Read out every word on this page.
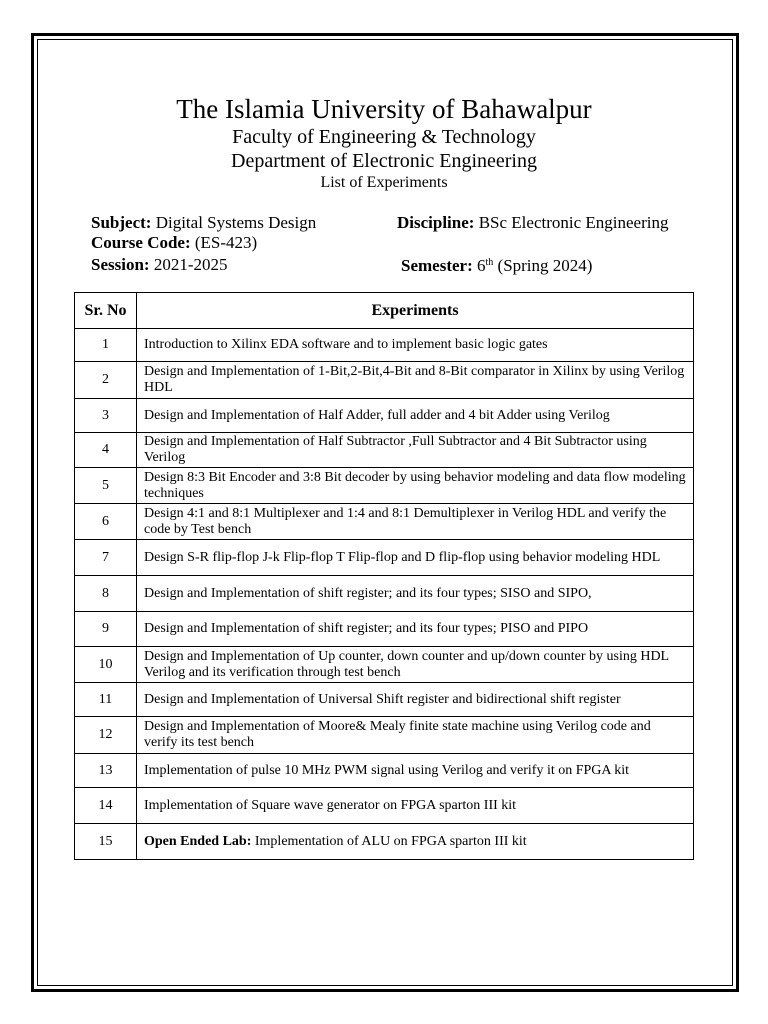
The Islamia University of Bahawalpur
Faculty of Engineering & Technology
Department of Electronic Engineering
List of Experiments
Subject: Digital Systems Design	Discipline: BSc Electronic Engineering
Course Code: (ES-423)
Session: 2021-2025	Semester: 6th (Spring 2024)
Sr. No	Experiments
1	Introduction to Xilinx EDA software and to implement basic logic gates
2	Design and Implementation of 1-Bit,2-Bit,4-Bit and 8-Bit comparator in Xilinx by using Verilog HDL
3	Design and Implementation of Half Adder, full adder and 4 bit Adder using Verilog
4	Design and Implementation of Half Subtractor ,Full Subtractor and 4 Bit Subtractor using Verilog
5	Design 8:3 Bit Encoder and 3:8 Bit decoder by using behavior modeling and data flow modeling techniques
6	Design 4:1 and 8:1 Multiplexer and 1:4 and 8:1 Demultiplexer in Verilog HDL and verify the code by Test bench
7	Design S-R flip-flop J-k Flip-flop T Flip-flop and D flip-flop using behavior modeling HDL
8	Design and Implementation of shift register; and its four types; SISO and SIPO,
9	Design and Implementation of shift register; and its four types; PISO and PIPO
10	Design and Implementation of Up counter, down counter and up/down counter by using HDL Verilog and its verification through test bench
11	Design and Implementation of Universal Shift register and bidirectional shift register
12	Design and Implementation of Moore& Mealy finite state machine using Verilog code and verify its test bench
13	Implementation of pulse 10 MHz PWM signal using Verilog and verify it on FPGA kit
14	Implementation of Square wave generator on FPGA sparton III kit
15	Open Ended Lab: Implementation of ALU on FPGA sparton III kit
